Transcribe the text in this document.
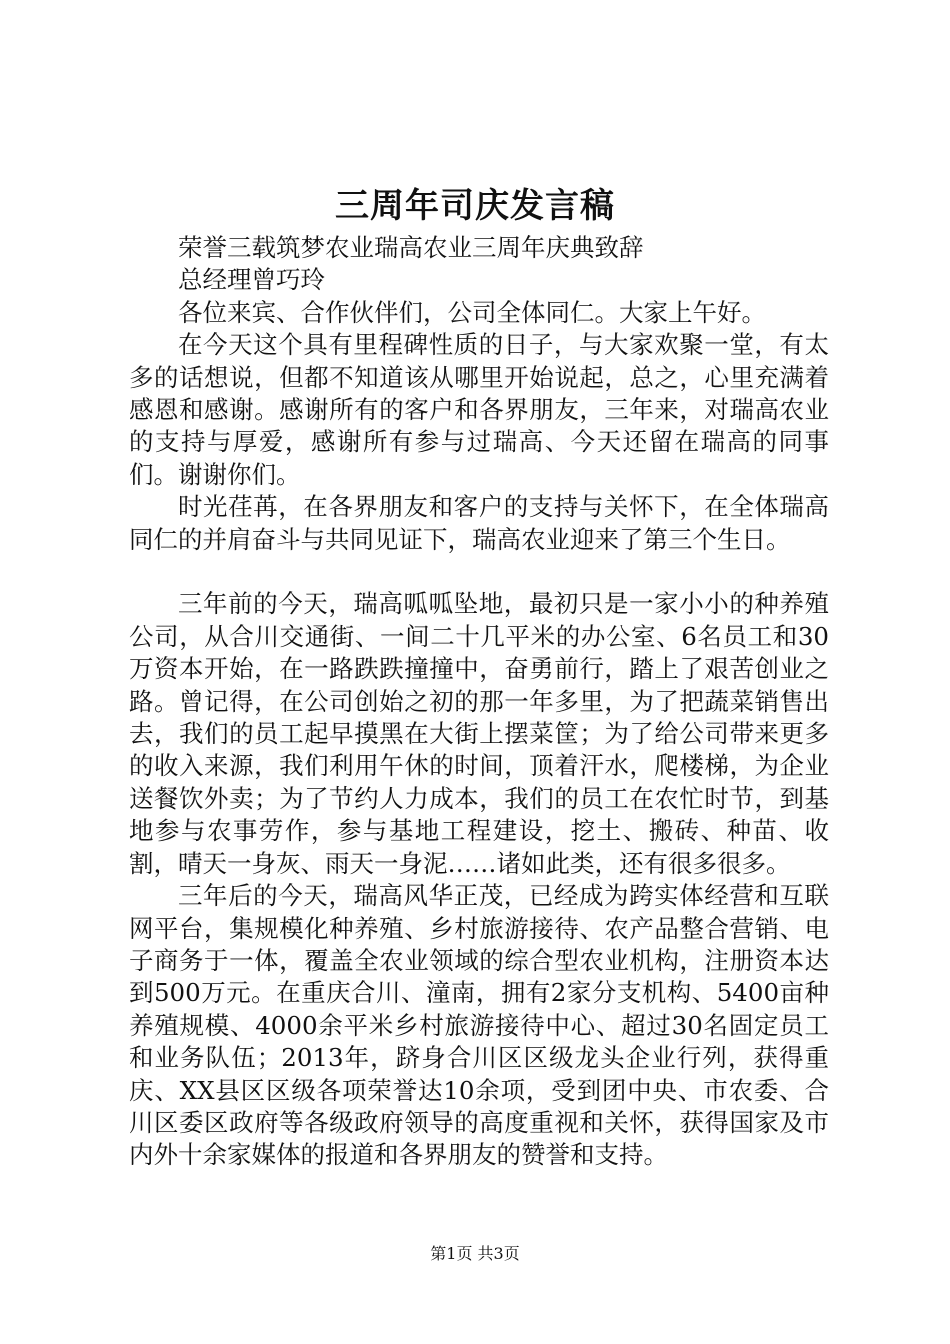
三周年司庆发言稿

荣誉三载筑梦农业瑞高农业三周年庆典致辞

总经理曾巧玲

各位来宾、合作伙伴们，公司全体同仁。大家上午好。

在今天这个具有里程碑性质的日子，与大家欢聚一堂，有太多的话想说，但都不知道该从哪里开始说起，总之，心里充满着感恩和感谢。感谢所有的客户和各界朋友，三年来，对瑞高农业的支持与厚爱，感谢所有参与过瑞高、今天还留在瑞高的同事们。谢谢你们。

时光荏苒，在各界朋友和客户的支持与关怀下，在全体瑞高同仁的并肩奋斗与共同见证下，瑞高农业迎来了第三个生日。

三年前的今天，瑞高呱呱坠地，最初只是一家小小的种养殖公司，从合川交通街、一间二十几平米的办公室、6名员工和30万资本开始，在一路跌跌撞撞中，奋勇前行，踏上了艰苦创业之路。曾记得，在公司创始之初的那一年多里，为了把蔬菜销售出去，我们的员工起早摸黑在大街上摆菜筐；为了给公司带来更多的收入来源，我们利用午休的时间，顶着汗水，爬楼梯，为企业送餐饮外卖；为了节约人力成本，我们的员工在农忙时节，到基地参与农事劳作，参与基地工程建设，挖土、搬砖、种苗、收割，晴天一身灰、雨天一身泥……诸如此类，还有很多很多。

三年后的今天，瑞高风华正茂，已经成为跨实体经营和互联网平台，集规模化种养殖、乡村旅游接待、农产品整合营销、电子商务于一体，覆盖全农业领域的综合型农业机构，注册资本达到500万元。在重庆合川、潼南，拥有2家分支机构、5400亩种养殖规模、4000余平米乡村旅游接待中心、超过30名固定员工和业务队伍；2013年，跻身合川区区级龙头企业行列，获得重庆、XX县区区级各项荣誉达10余项，受到团中央、市农委、合川区委区政府等各级政府领导的高度重视和关怀，获得国家及市内外十余家媒体的报道和各界朋友的赞誉和支持。

第1页 共3页
